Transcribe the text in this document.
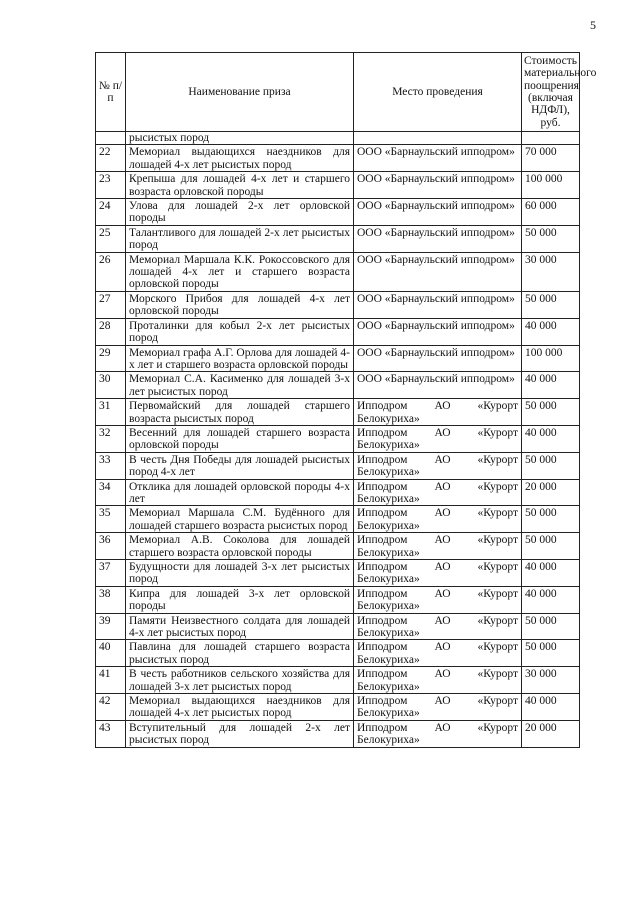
5
№ п/п	Наименование приза	Место проведения	Стоимость материального поощрения (включая НДФЛ), руб.
	рысистых пород		
22	Мемориал выдающихся наездников для лошадей 4-х лет рысистых пород	ООО «Барнаульский ипподром»	70 000
23	Крепыша для лошадей 4-х лет и старшего возраста орловской породы	ООО «Барнаульский ипподром»	100 000
24	Улова для лошадей 2-х лет орловской породы	ООО «Барнаульский ипподром»	60 000
25	Талантливого для лошадей 2-х лет рысистых пород	ООО «Барнаульский ипподром»	50 000
26	Мемориал Маршала К.К. Рокоссовского для лошадей 4-х лет и старшего возраста орловской породы	ООО «Барнаульский ипподром»	30 000
27	Морского Прибоя для лошадей 4-х лет орловской породы	ООО «Барнаульский ипподром»	50 000
28	Проталинки для кобыл 2-х лет рысистых пород	ООО «Барнаульский ипподром»	40 000
29	Мемориал графа А.Г. Орлова для лошадей 4-х лет и старшего возраста орловской породы	ООО «Барнаульский ипподром»	100 000
30	Мемориал С.А. Касименко для лошадей 3-х лет рысистых пород	ООО «Барнаульский ипподром»	40 000
31	Первомайский для лошадей старшего возраста рысистых пород	Ипподром АО «Курорт Белокуриха»	50 000
32	Весенний для лошадей старшего возраста орловской породы	Ипподром АО «Курорт Белокуриха»	40 000
33	В честь Дня Победы для лошадей рысистых пород 4-х лет	Ипподром АО «Курорт Белокуриха»	50 000
34	Отклика для лошадей орловской породы 4-х лет	Ипподром АО «Курорт Белокуриха»	20 000
35	Мемориал Маршала С.М. Будённого для лошадей старшего возраста рысистых пород	Ипподром АО «Курорт Белокуриха»	50 000
36	Мемориал А.В. Соколова для лошадей старшего возраста орловской породы	Ипподром АО «Курорт Белокуриха»	50 000
37	Будущности для лошадей 3-х лет рысистых пород	Ипподром АО «Курорт Белокуриха»	40 000
38	Кипра для лошадей 3-х лет орловской породы	Ипподром АО «Курорт Белокуриха»	40 000
39	Памяти Неизвестного солдата для лошадей 4-х лет рысистых пород	Ипподром АО «Курорт Белокуриха»	50 000
40	Павлина для лошадей старшего возраста рысистых пород	Ипподром АО «Курорт Белокуриха»	50 000
41	В честь работников сельского хозяйства для лошадей 3-х лет рысистых пород	Ипподром АО «Курорт Белокуриха»	30 000
42	Мемориал выдающихся наездников для лошадей 4-х лет рысистых пород	Ипподром АО «Курорт Белокуриха»	40 000
43	Вступительный для лошадей 2-х лет рысистых пород	Ипподром АО «Курорт Белокуриха»	20 000
